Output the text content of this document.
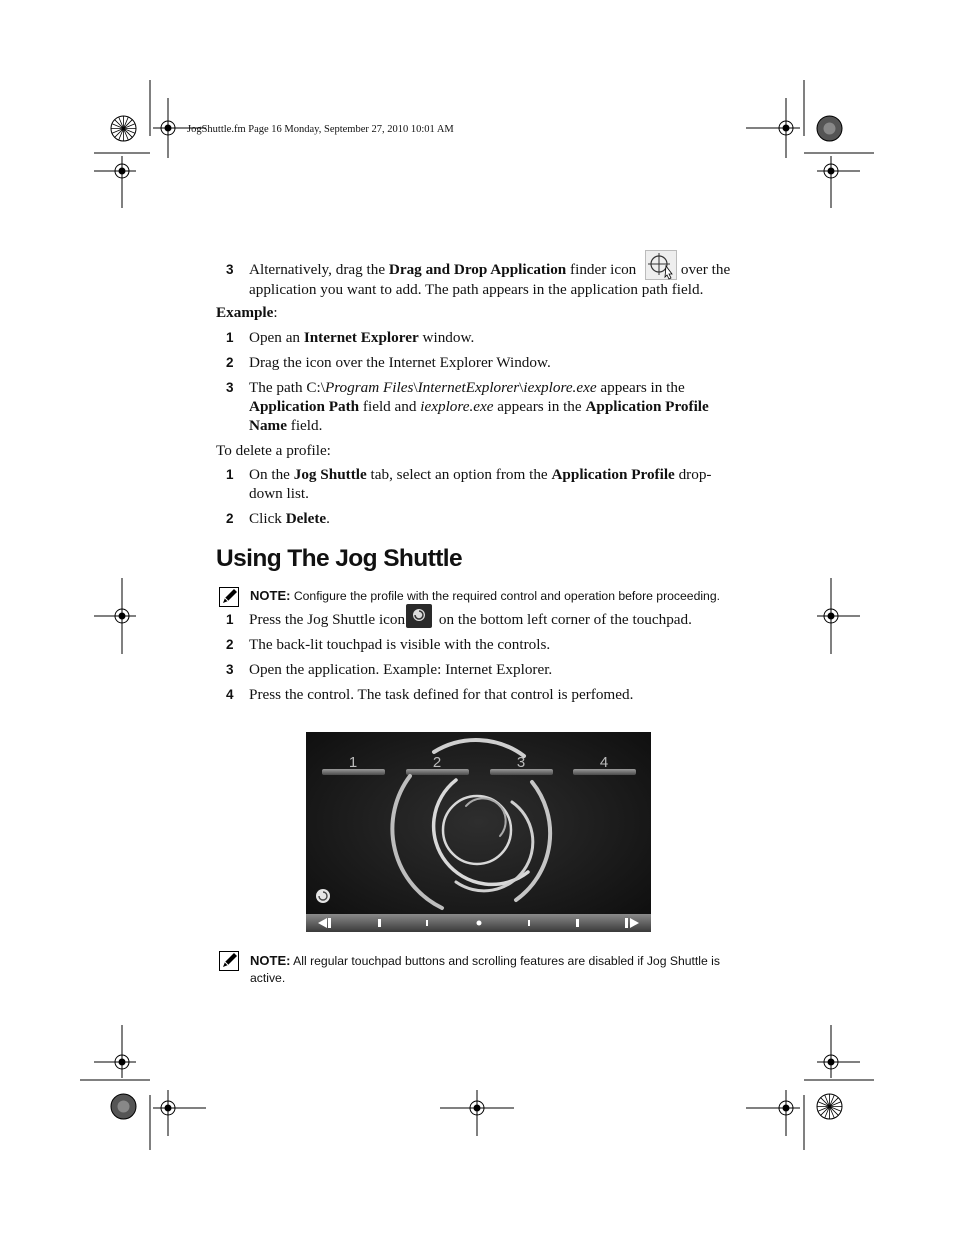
JogShuttle.fm Page 16 Monday, September 27, 2010 10:01 AM
3 Alternatively, drag the Drag and Drop Application finder icon	over the
application you want to add. The path appears in the application path field.
Example:
1 Open an Internet Explorer window.
2 Drag the icon over the Internet Explorer Window.
3 The path C:\Program Files\InternetExplorer\iexplore.exe appears in the
Application Path field and iexplore.exe appears in the Application Profile
Name field.
To delete a profile:
1 On the Jog Shuttle tab, select an option from the Application Profile drop-
down list.
2 Click Delete.
Using The Jog Shuttle
NOTE: Configure the profile with the required control and operation before proceeding.
1 Press the Jog Shuttle icon on the bottom left corner of the touchpad.
2 The back-lit touchpad is visible with the controls.
3 Open the application. Example: Internet Explorer.
4 Press the control. The task defined for that control is perfomed.
1	2	3	4
NOTE: All regular touchpad buttons and scrolling features are disabled if Jog Shuttle is
active.
